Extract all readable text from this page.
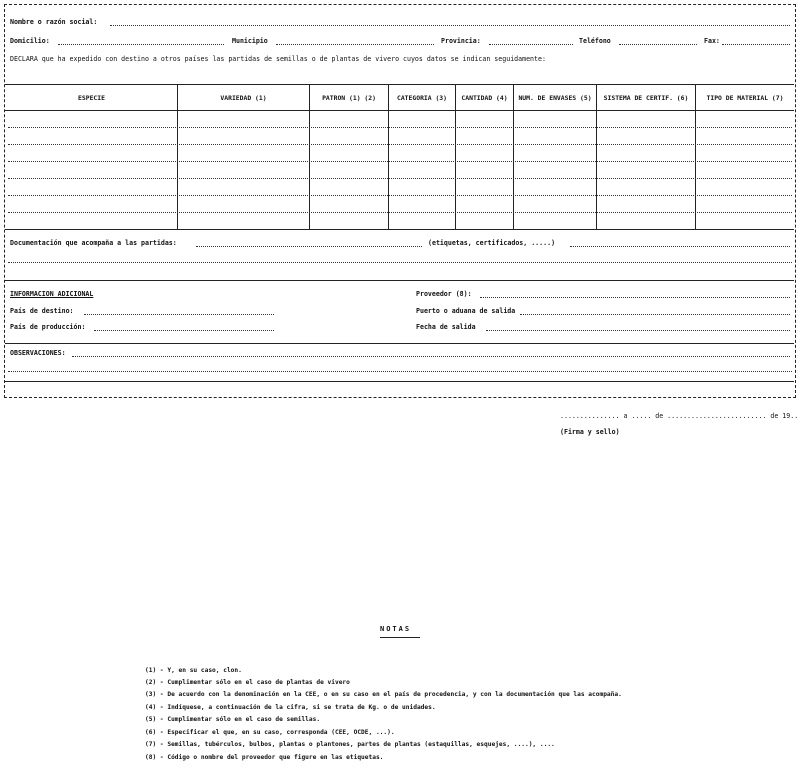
Nombre o razón social:
Domicilio:	Municipio	Provincia:	Teléfono	Fax:
DECLARA que ha expedido con destino a otros países las partidas de semillas o de plantas de vivero cuyos datos se indican seguidamente:
ESPECIE	VARIEDAD (1)	PATRON (1) (2)	CATEGORIA (3)	CANTIDAD (4)	NUM. DE ENVASES (5)	SISTEMA DE CERTIF. (6)	TIPO DE MATERIAL (7)
Documentación que acompaña a las partidas:	(etiquetas, certificados, .....)
INFORMACION ADICIONAL
País de destino:
País de producción:
Proveedor (8):
Puerto o aduana de salida
Fecha de salida
OBSERVACIONES:
............... a ..... de ......................... de 19..
(Firma y sello)
NOTAS
(1) - Y, en su caso, clon.
(2) - Cumplimentar sólo en el caso de plantas de vivero
(3) - De acuerdo con la denominación en la CEE, o en su caso en el país de procedencia, y con la documentación que las acompaña.
(4) - Indíquese, a continuación de la cifra, si se trata de Kg. o de unidades.
(5) - Cumplimentar sólo en el caso de semillas.
(6) - Especificar el que, en su caso, corresponda (CEE, OCDE, ...).
(7) - Semillas, tubérculos, bulbos, plantas o plantones, partes de plantas (estaquillas, esquejes, ....), ....
(8) - Código o nombre del proveedor que figure en las etiquetas.
